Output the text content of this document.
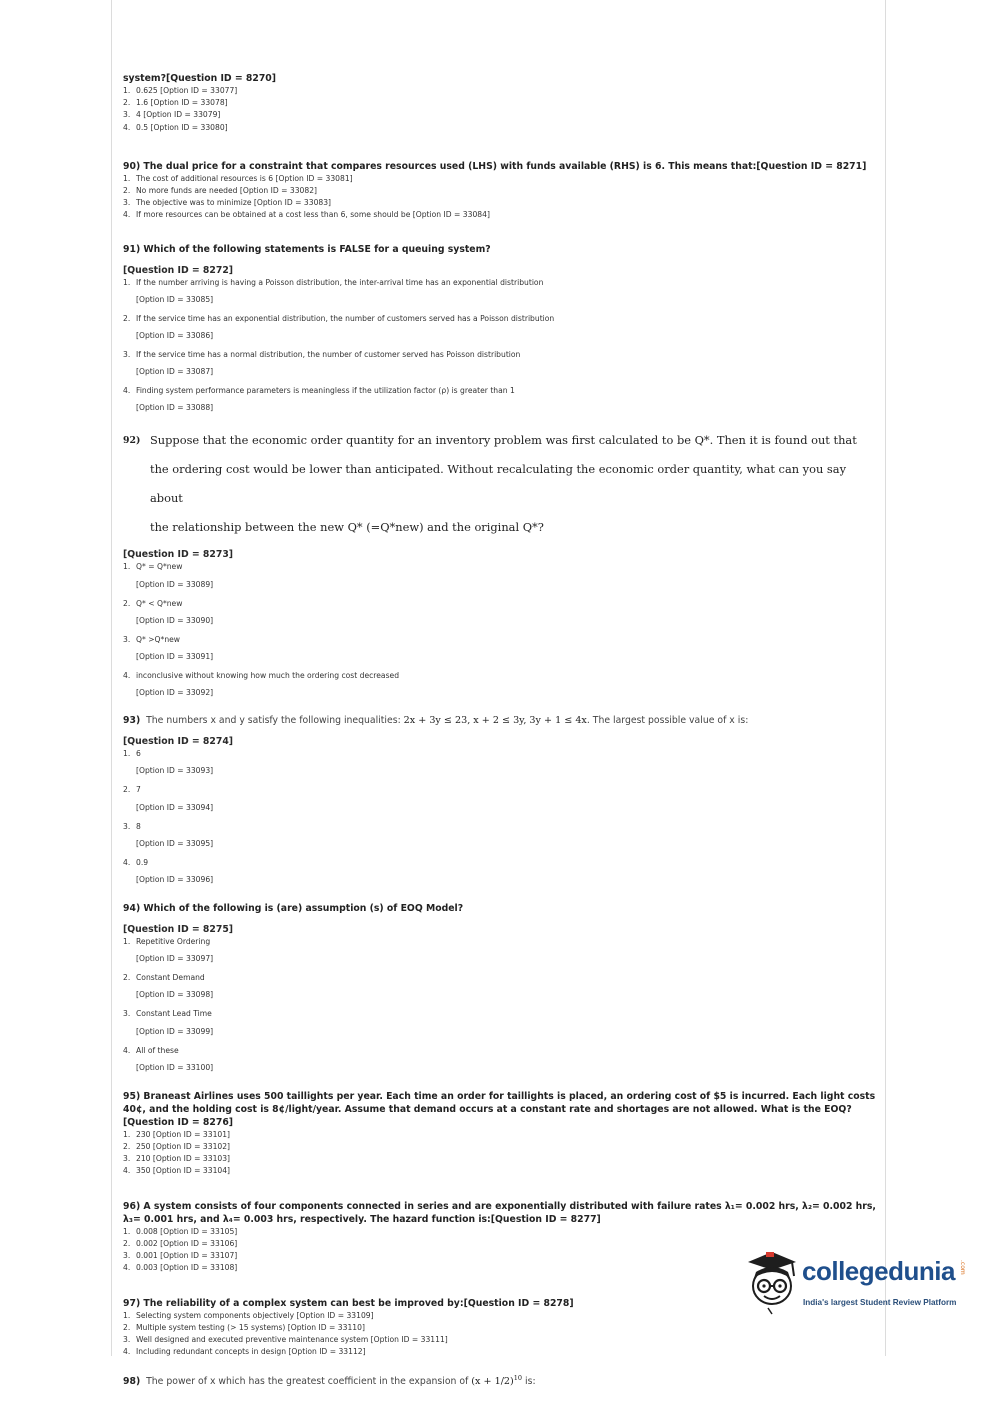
system?[Question ID = 8270]
1. 0.625 [Option ID = 33077]
2. 1.6 [Option ID = 33078]
3. 4 [Option ID = 33079]
4. 0.5 [Option ID = 33080]
90) The dual price for a constraint that compares resources used (LHS) with funds available (RHS) is 6. This means that:[Question ID = 8271]
1. The cost of additional resources is 6 [Option ID = 33081]
2. No more funds are needed [Option ID = 33082]
3. The objective was to minimize [Option ID = 33083]
4. If more resources can be obtained at a cost less than 6, some should be [Option ID = 33084]
91) Which of the following statements is FALSE for a queuing system?
[Question ID = 8272]
1. If the number arriving is having a Poisson distribution, the inter-arrival time has an exponential distribution
[Option ID = 33085]
2. If the service time has an exponential distribution, the number of customers served has a Poisson distribution
[Option ID = 33086]
3. If the service time has a normal distribution, the number of customer served has Poisson distribution
[Option ID = 33087]
4. Finding system performance parameters is meaningless if the utilization factor (ρ) is greater than 1
[Option ID = 33088]
92) Suppose that the economic order quantity for an inventory problem was first calculated to be Q*. Then it is found out that
the ordering cost would be lower than anticipated. Without recalculating the economic order quantity, what can you say about
the relationship between the new Q* (=Q*new) and the original Q*?
[Question ID = 8273]
1. Q* = Q*new
[Option ID = 33089]
2. Q* < Q*new
[Option ID = 33090]
3. Q* >Q*new
[Option ID = 33091]
4. inconclusive without knowing how much the ordering cost decreased
[Option ID = 33092]
93) The numbers x and y satisfy the following inequalities: 2x + 3y ≤ 23, x + 2 ≤ 3y, 3y + 1 ≤ 4x. The largest possible value of x is:
[Question ID = 8274]
1. 6
[Option ID = 33093]
2. 7
[Option ID = 33094]
3. 8
[Option ID = 33095]
4. 0.9
[Option ID = 33096]
94) Which of the following is (are) assumption (s) of EOQ Model?
[Question ID = 8275]
1. Repetitive Ordering
[Option ID = 33097]
2. Constant Demand
[Option ID = 33098]
3. Constant Lead Time
[Option ID = 33099]
4. All of these
[Option ID = 33100]
95) Braneast Airlines uses 500 taillights per year. Each time an order for taillights is placed, an ordering cost of $5 is incurred. Each light costs 40¢, and the holding cost is 8¢/light/year. Assume that demand occurs at a constant rate and shortages are not allowed. What is the EOQ?[Question ID = 8276]
1. 230 [Option ID = 33101]
2. 250 [Option ID = 33102]
3. 210 [Option ID = 33103]
4. 350 [Option ID = 33104]
96) A system consists of four components connected in series and are exponentially distributed with failure rates λ₁= 0.002 hrs, λ₂= 0.002 hrs, λ₃= 0.001 hrs, and λ₄= 0.003 hrs, respectively. The hazard function is:[Question ID = 8277]
1. 0.008 [Option ID = 33105]
2. 0.002 [Option ID = 33106]
3. 0.001 [Option ID = 33107]
4. 0.003 [Option ID = 33108]
97) The reliability of a complex system can best be improved by:[Question ID = 8278]
1. Selecting system components objectively [Option ID = 33109]
2. Multiple system testing (> 15 systems) [Option ID = 33110]
3. Well designed and executed preventive maintenance system [Option ID = 33111]
4. Including redundant concepts in design [Option ID = 33112]
98) The power of x which has the greatest coefficient in the expansion of $(x + 1/2)^{10}$ is:
collegedunia .com
India's largest Student Review Platform
